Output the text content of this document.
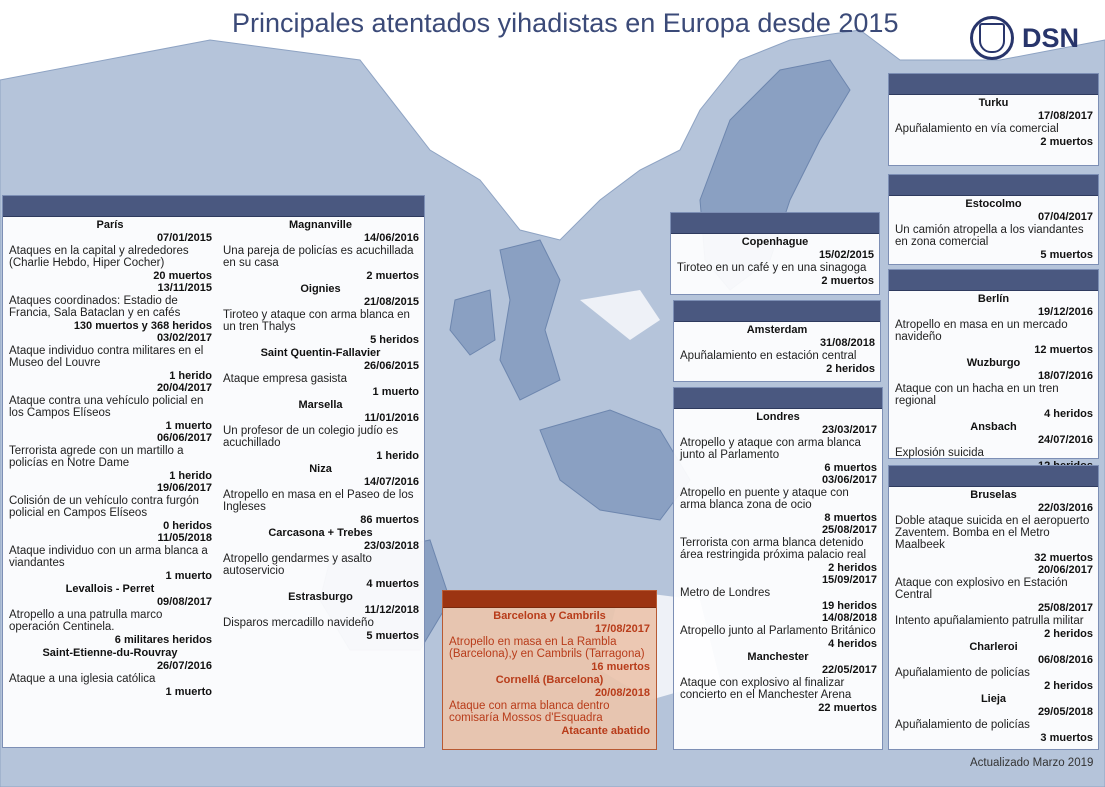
Principales atentados yihadistas en Europa desde 2015	DSN
París
07/01/2015
Ataques en la capital y alrededores (Charlie Hebdo, Hiper Cocher)
20 muertos
13/11/2015
Ataques coordinados: Estadio de Francia, Sala Bataclan y en cafés
130 muertos y 368 heridos
03/02/2017
Ataque individuo contra militares en el Museo del Louvre
1 herido
20/04/2017
Ataque contra una vehículo policial en los Campos Elíseos
1 muerto
06/06/2017
Terrorista agrede con un martillo a policías en Notre Dame
1 herido
19/06/2017
Colisión de un vehículo contra furgón policial en Campos Elíseos
0 heridos
11/05/2018
Ataque individuo con un arma blanca a viandantes
1 muerto
Levallois - Perret
09/08/2017
Atropello a una patrulla marco operación Centinela.
6 militares heridos
Saint-Etienne-du-Rouvray
26/07/2016
Ataque a una iglesia católica
1 muerto
Magnanville
14/06/2016
Una pareja de policías es acuchillada en su casa
2 muertos
Oignies
21/08/2015
Tiroteo y ataque con arma blanca en un tren Thalys
5 heridos
Saint Quentin-Fallavier
26/06/2015
Ataque empresa gasista
1 muerto
Marsella
11/01/2016
Un profesor de un colegio judío es acuchillado
1 herido
Niza
14/07/2016
Atropello en masa en el Paseo de los Ingleses
86 muertos
Carcasona + Trebes
23/03/2018
Atropello gendarmes y asalto autoservicio
4 muertos
Estrasburgo
11/12/2018
Disparos mercadillo navideño
5 muertos
Barcelona y Cambrils
17/08/2017
Atropello en masa en La Rambla (Barcelona),y en Cambrils (Tarragona)
16 muertos
Cornellá (Barcelona)
20/08/2018
Ataque con arma blanca dentro comisaría Mossos d'Esquadra
Atacante abatido
Copenhague
15/02/2015
Tiroteo en un café y en una sinagoga
2 muertos
Amsterdam
31/08/2018
Apuñalamiento en estación central
2 heridos
Londres
23/03/2017
Atropello y ataque con arma blanca junto al Parlamento
6 muertos
03/06/2017
Atropello en puente y ataque con arma blanca zona de ocio
8 muertos
25/08/2017
Terrorista con arma blanca detenido área restringida próxima palacio real
2 heridos
15/09/2017
Metro de Londres
19 heridos
14/08/2018
Atropello junto al Parlamento Británico
4 heridos
Manchester
22/05/2017
Ataque con explosivo al finalizar concierto en el Manchester Arena
22 muertos
Turku
17/08/2017
Apuñalamiento en vía comercial
2 muertos
Estocolmo
07/04/2017
Un camión atropella a los viandantes en zona comercial
5 muertos
Berlín
19/12/2016
Atropello en masa en un mercado navideño
12 muertos
Wuzburgo
18/07/2016
Ataque con un hacha en un tren regional
4 heridos
Ansbach
24/07/2016
Explosión suicida
Bruselas
22/03/2016
Doble ataque suicida en el aeropuerto Zaventem. Bomba en el Metro Maalbeek
32 muertos
20/06/2017
Ataque con explosivo en Estación Central
25/08/2017
Intento apuñalamiento patrulla militar
2 heridos
Charleroi
06/08/2016
Apuñalamiento de policías
2 heridos
Lieja
29/05/2018
Apuñalamiento de policías
3 muertos
Actualizado Marzo 2019
